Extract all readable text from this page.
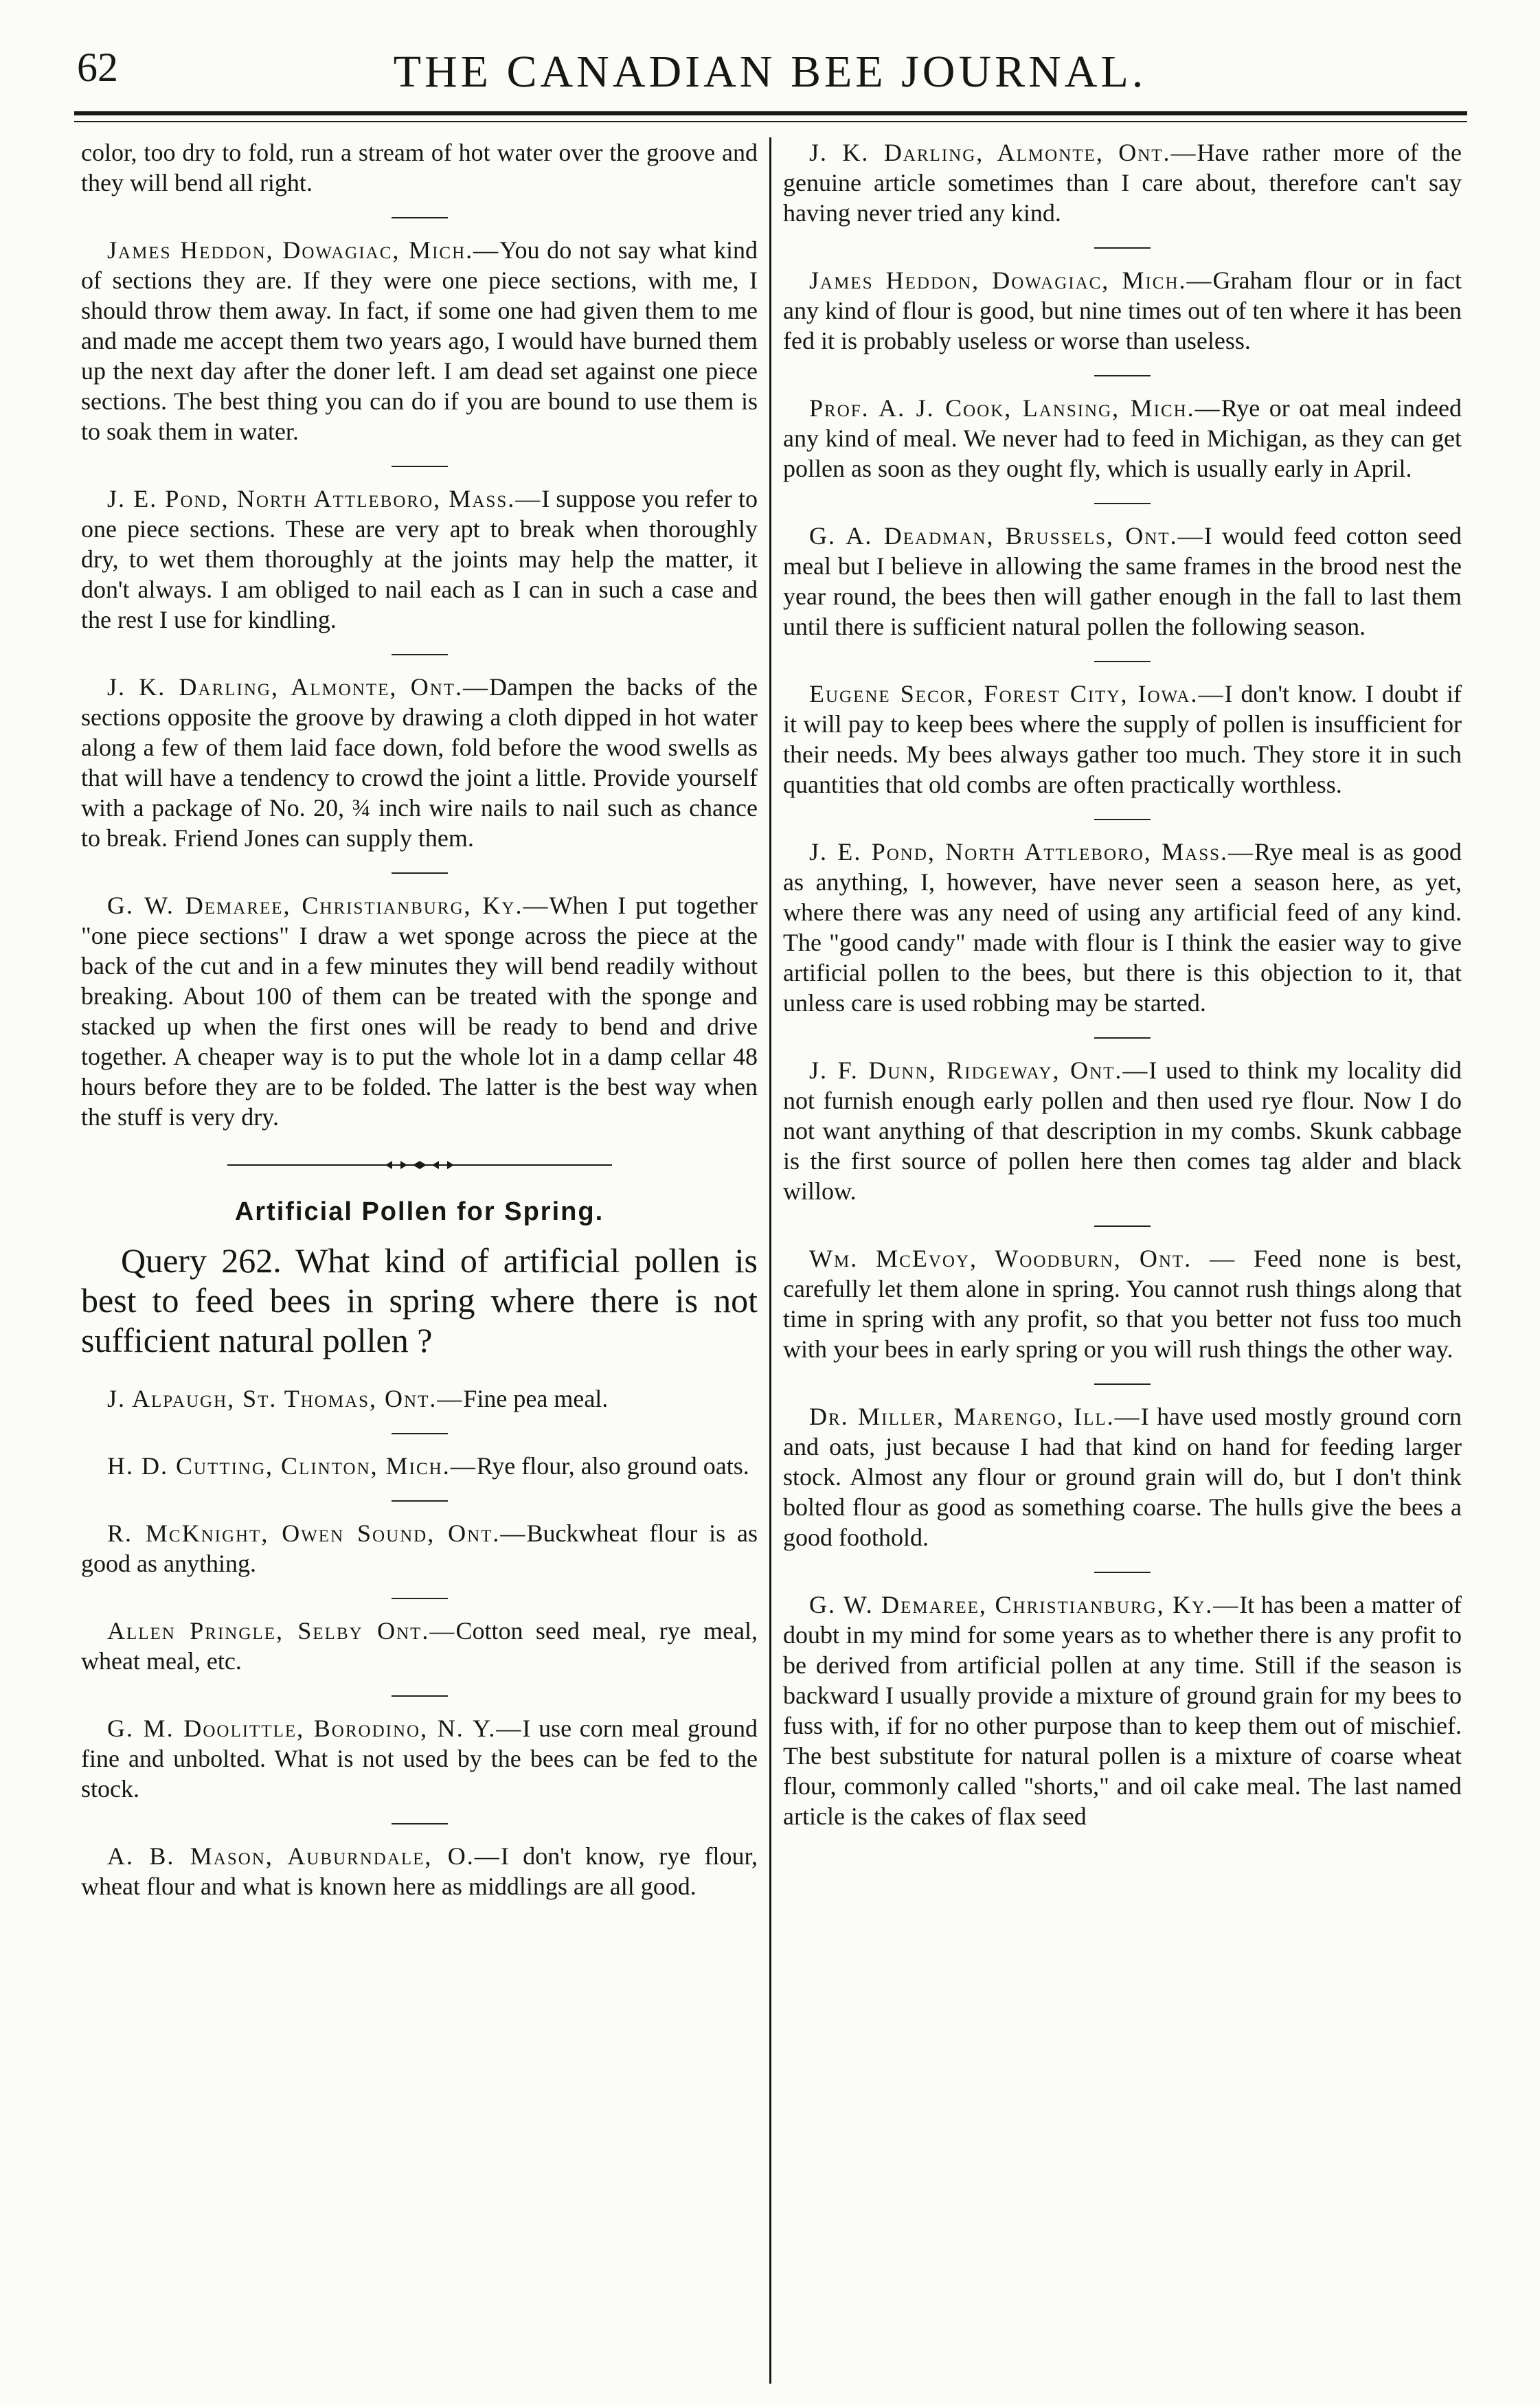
62	THE CANADIAN BEE JOURNAL.
color, too dry to fold, run a stream of hot water over the groove and they will bend all right.
James Heddon, Dowagiac, Mich.—You do not say what kind of sections they are. If they were one piece sections, with me, I should throw them away. In fact, if some one had given them to me and made me accept them two years ago, I would have burned them up the next day after the doner left. I am dead set against one piece sections. The best thing you can do if you are bound to use them is to soak them in water.
J. E. Pond, North Attleboro, Mass.—I suppose you refer to one piece sections. These are very apt to break when thoroughly dry, to wet them thoroughly at the joints may help the matter, it don't always. I am obliged to nail each as I can in such a case and the rest I use for kindling.
J. K. Darling, Almonte, Ont.—Dampen the backs of the sections opposite the groove by drawing a cloth dipped in hot water along a few of them laid face down, fold before the wood swells as that will have a tendency to crowd the joint a little. Provide yourself with a package of No. 20, ¾ inch wire nails to nail such as chance to break. Friend Jones can supply them.
G. W. Demaree, Christianburg, Ky.—When I put together "one piece sections" I draw a wet sponge across the piece at the back of the cut and in a few minutes they will bend readily without breaking. About 100 of them can be treated with the sponge and stacked up when the first ones will be ready to bend and drive together. A cheaper way is to put the whole lot in a damp cellar 48 hours before they are to be folded. The latter is the best way when the stuff is very dry.
Artificial Pollen for Spring.
Query 262. What kind of artificial pollen is best to feed bees in spring where there is not sufficient natural pollen ?
J. Alpaugh, St. Thomas, Ont.—Fine pea meal.
H. D. Cutting, Clinton, Mich.—Rye flour, also ground oats.
R. McKnight, Owen Sound, Ont.—Buckwheat flour is as good as anything.
Allen Pringle, Selby Ont.—Cotton seed meal, rye meal, wheat meal, etc.
G. M. Doolittle, Borodino, N. Y.—I use corn meal ground fine and unbolted. What is not used by the bees can be fed to the stock.
A. B. Mason, Auburndale, O.—I don't know, rye flour, wheat flour and what is known here as middlings are all good.
J. K. Darling, Almonte, Ont.—Have rather more of the genuine article sometimes than I care about, therefore can't say having never tried any kind.
James Heddon, Dowagiac, Mich.—Graham flour or in fact any kind of flour is good, but nine times out of ten where it has been fed it is probably useless or worse than useless.
Prof. A. J. Cook, Lansing, Mich.—Rye or oat meal indeed any kind of meal. We never had to feed in Michigan, as they can get pollen as soon as they ought fly, which is usually early in April.
G. A. Deadman, Brussels, Ont.—I would feed cotton seed meal but I believe in allowing the same frames in the brood nest the year round, the bees then will gather enough in the fall to last them until there is sufficient natural pollen the following season.
Eugene Secor, Forest City, Iowa.—I don't know. I doubt if it will pay to keep bees where the supply of pollen is insufficient for their needs. My bees always gather too much. They store it in such quantities that old combs are often practically worthless.
J. E. Pond, North Attleboro, Mass.—Rye meal is as good as anything, I, however, have never seen a season here, as yet, where there was any need of using any artificial feed of any kind. The "good candy" made with flour is I think the easier way to give artificial pollen to the bees, but there is this objection to it, that unless care is used robbing may be started.
J. F. Dunn, Ridgeway, Ont.—I used to think my locality did not furnish enough early pollen and then used rye flour. Now I do not want anything of that description in my combs. Skunk cabbage is the first source of pollen here then comes tag alder and black willow.
Wm. McEvoy, Woodburn, Ont. — Feed none is best, carefully let them alone in spring. You cannot rush things along that time in spring with any profit, so that you better not fuss too much with your bees in early spring or you will rush things the other way.
Dr. Miller, Marengo, Ill.—I have used mostly ground corn and oats, just because I had that kind on hand for feeding larger stock. Almost any flour or ground grain will do, but I don't think bolted flour as good as something coarse. The hulls give the bees a good foothold.
G. W. Demaree, Christianburg, Ky.—It has been a matter of doubt in my mind for some years as to whether there is any profit to be derived from artificial pollen at any time. Still if the season is backward I usually provide a mixture of ground grain for my bees to fuss with, if for no other purpose than to keep them out of mischief. The best substitute for natural pollen is a mixture of coarse wheat flour, commonly called "shorts," and oil cake meal. The last named article is the cakes of flax seed
